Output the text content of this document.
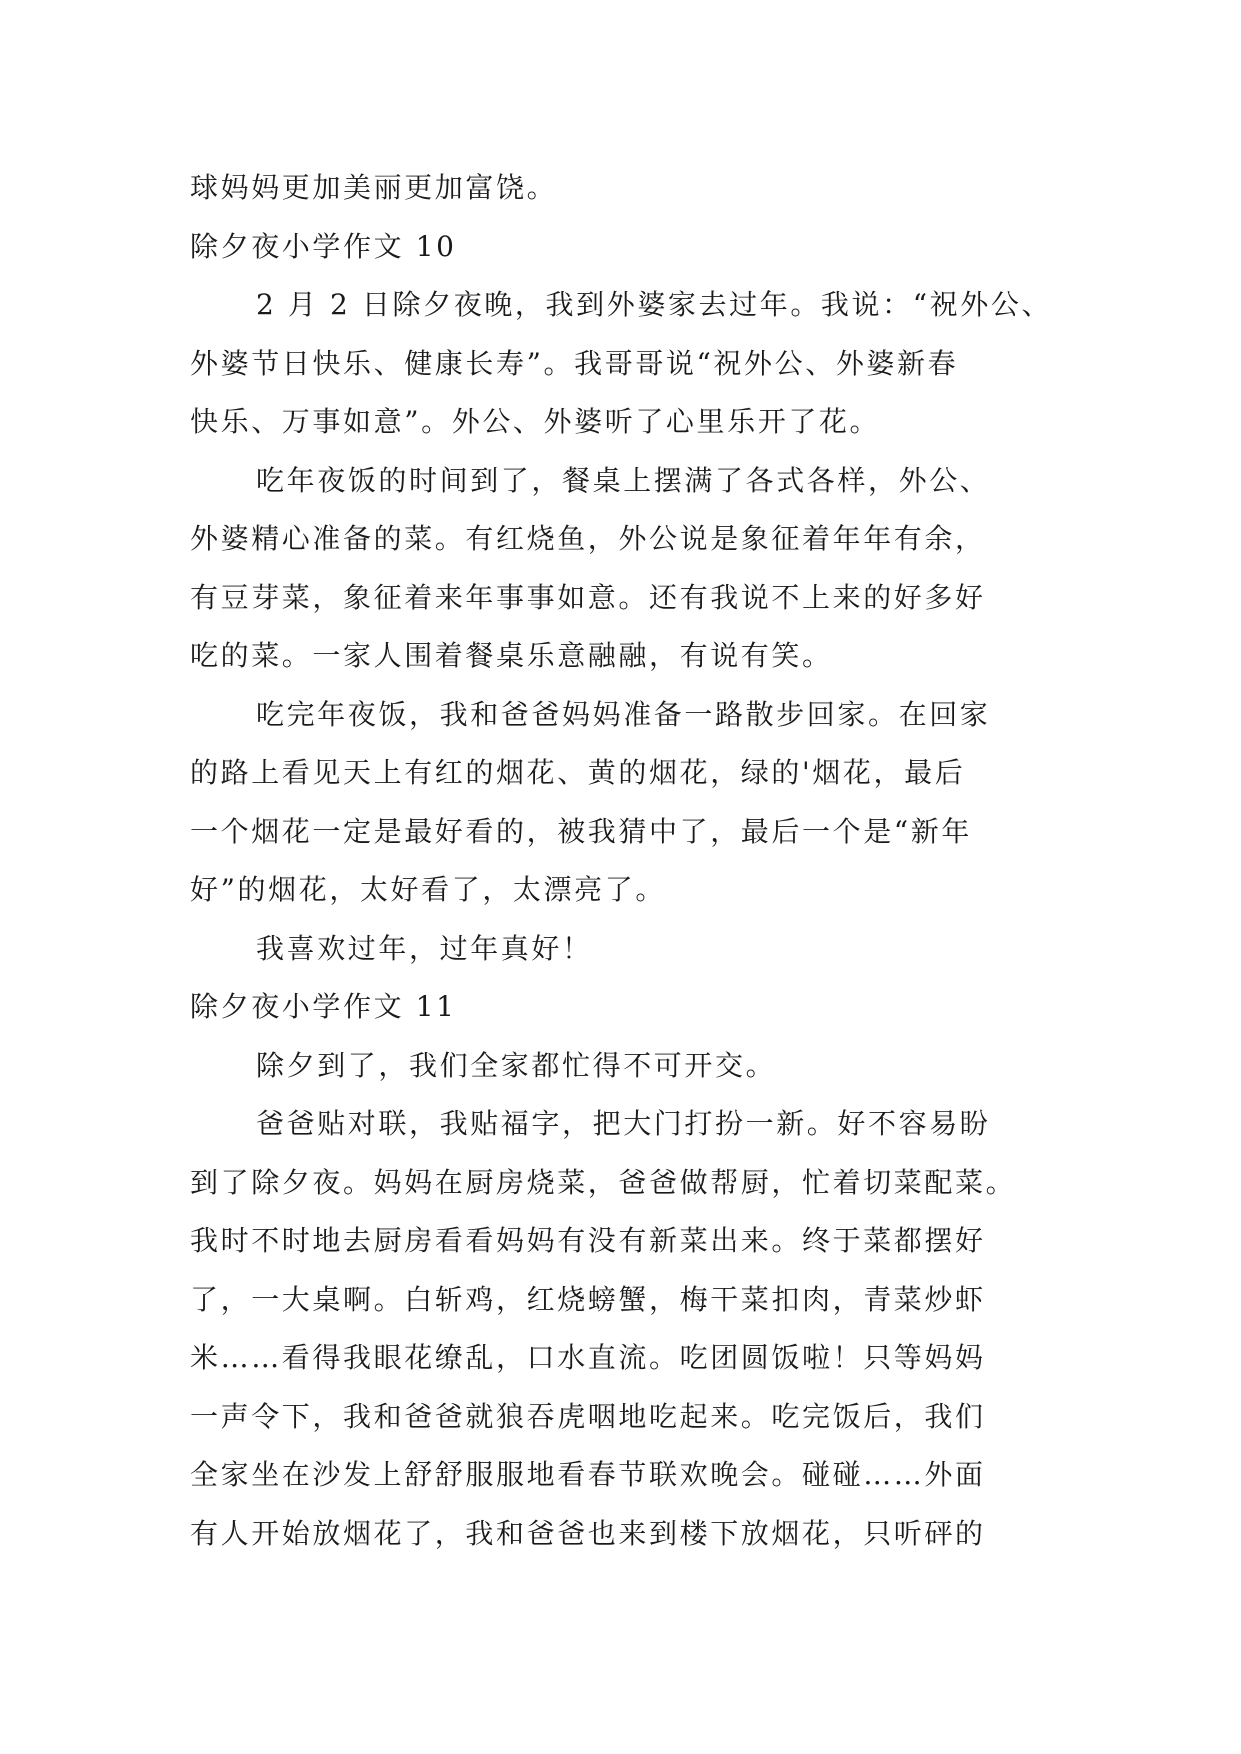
球妈妈更加美丽更加富饶。
除夕夜小学作文 10
2 月 2 日除夕夜晚，我到外婆家去过年。我说：“祝外公、
外婆节日快乐、健康长寿”。我哥哥说“祝外公、外婆新春
快乐、万事如意”。外公、外婆听了心里乐开了花。
吃年夜饭的时间到了，餐桌上摆满了各式各样，外公、
外婆精心准备的菜。有红烧鱼，外公说是象征着年年有余，
有豆芽菜，象征着来年事事如意。还有我说不上来的好多好
吃的菜。一家人围着餐桌乐意融融，有说有笑。
吃完年夜饭，我和爸爸妈妈准备一路散步回家。在回家
的路上看见天上有红的烟花、黄的烟花，绿的'烟花，最后
一个烟花一定是最好看的，被我猜中了，最后一个是“新年
好”的烟花，太好看了，太漂亮了。
我喜欢过年，过年真好！
除夕夜小学作文 11
除夕到了，我们全家都忙得不可开交。
爸爸贴对联，我贴福字，把大门打扮一新。好不容易盼
到了除夕夜。妈妈在厨房烧菜，爸爸做帮厨，忙着切菜配菜。
我时不时地去厨房看看妈妈有没有新菜出来。终于菜都摆好
了，一大桌啊。白斩鸡，红烧螃蟹，梅干菜扣肉，青菜炒虾
米……看得我眼花缭乱，口水直流。吃团圆饭啦！只等妈妈
一声令下，我和爸爸就狼吞虎咽地吃起来。吃完饭后，我们
全家坐在沙发上舒舒服服地看春节联欢晚会。碰碰……外面
有人开始放烟花了，我和爸爸也来到楼下放烟花，只听砰的
